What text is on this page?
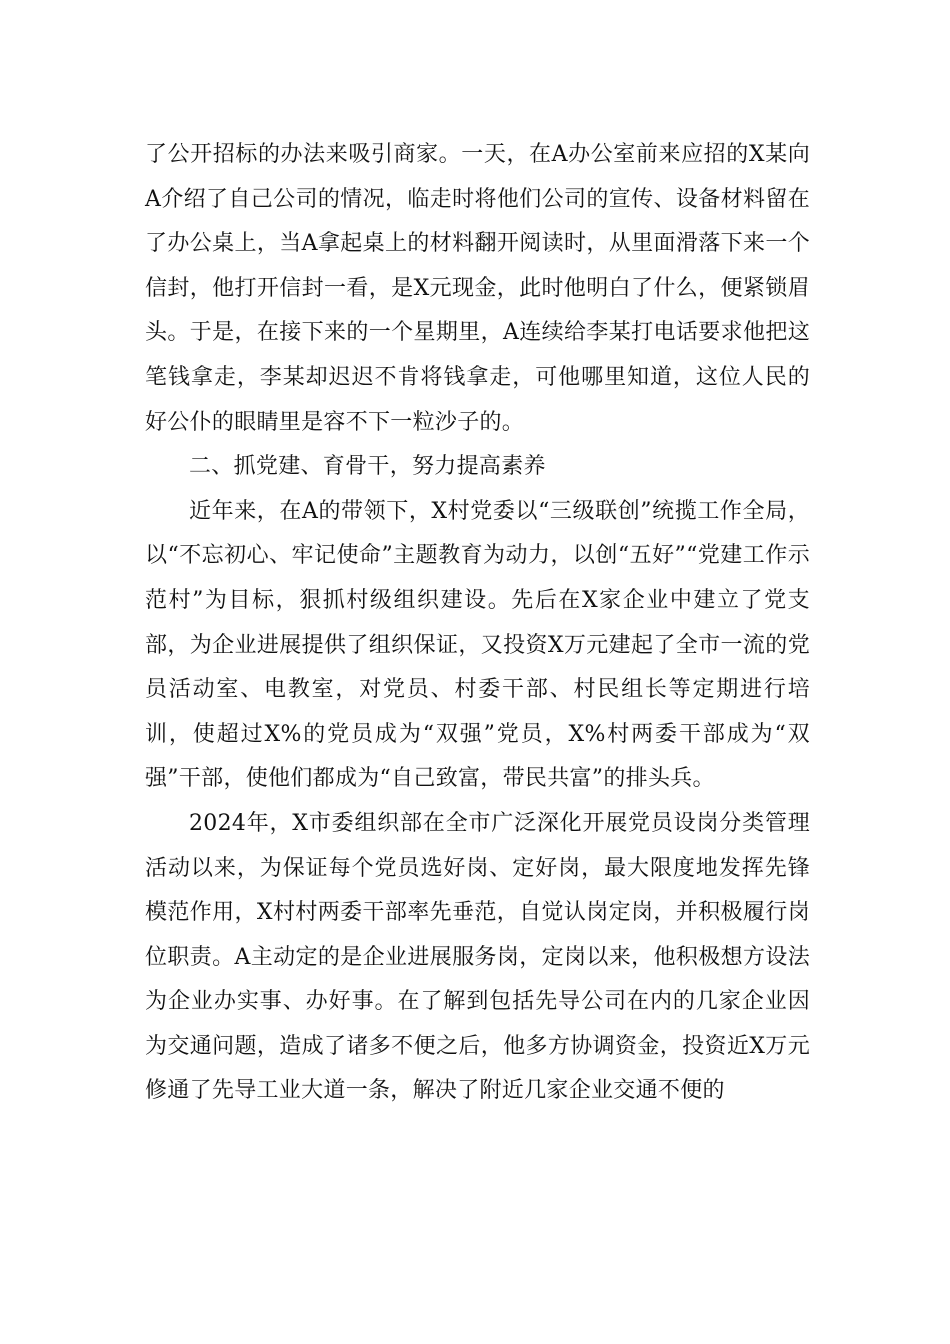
了公开招标的办法来吸引商家。一天，在A办公室前来应招的X某向A介绍了自己公司的情况，临走时将他们公司的宣传、设备材料留在了办公桌上，当A拿起桌上的材料翻开阅读时，从里面滑落下来一个信封，他打开信封一看，是X元现金，此时他明白了什么，便紧锁眉头。于是，在接下来的一个星期里，A连续给李某打电话要求他把这笔钱拿走，李某却迟迟不肯将钱拿走，可他哪里知道，这位人民的好公仆的眼睛里是容不下一粒沙子的。

二、抓党建、育骨干，努力提高素养

近年来，在A的带领下，X村党委以“三级联创”统揽工作全局，以“不忘初心、牢记使命”主题教育为动力，以创“五好”“党建工作示范村”为目标，狠抓村级组织建设。先后在X家企业中建立了党支部，为企业进展提供了组织保证，又投资X万元建起了全市一流的党员活动室、电教室，对党员、村委干部、村民组长等定期进行培训，使超过X%的党员成为“双强”党员，X%村两委干部成为“双强”干部，使他们都成为“自己致富，带民共富”的排头兵。

2024年，X市委组织部在全市广泛深化开展党员设岗分类管理活动以来，为保证每个党员选好岗、定好岗，最大限度地发挥先锋模范作用，X村村两委干部率先垂范，自觉认岗定岗，并积极履行岗位职责。A主动定的是企业进展服务岗，定岗以来，他积极想方设法为企业办实事、办好事。在了解到包括先导公司在内的几家企业因为交通问题，造成了诸多不便之后，他多方协调资金，投资近X万元修通了先导工业大道一条，解决了附近几家企业交通不便的
